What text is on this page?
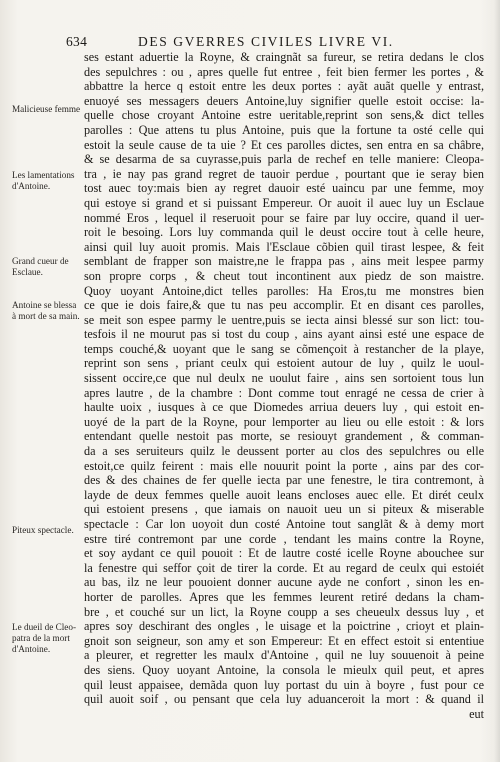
634	DES GVERRES CIVILES LIVRE VI.
Malicieuse femme
Les lamentations
d'Antoine.
Grand cueur de
Esclaue.
Antoine se blessa
à mort de sa main.
Piteux spectacle.
Le dueil de Cleo-
patra de la mort
d'Antoine.
ses estant aduertie la Royne, & craingnãt sa fureur, se retira dedans le clos
des sepulchres : ou , apres quelle fut entree , feit bien fermer les portes , &
abbattre la herce q estoit entre les deux portes : ayãt auãt quelle y entrast,
enuoyé ses messagers deuers Antoine,luy signifier quelle estoit occise: la-
quelle chose croyant Antoine estre ueritable,reprint son sens,& dict telles
parolles : Que attens tu plus Antoine, puis que la fortune ta osté celle qui
estoit la seule cause de ta uie ? Et ces parolles dictes, sen entra en sa châbre,
& se desarma de sa cuyrasse,puis parla de rechef en telle maniere: Cleopa-
tra , ie nay pas grand regret de tauoir perdue , pourtant que ie seray bien
tost auec toy:mais bien ay regret dauoir esté uaincu par une femme, moy
qui estoye si grand et si puissant Empereur. Or auoit il auec luy un Esclaue
nommé Eros , lequel il reseruoit pour se faire par luy occire, quand il uer-
roit le besoing. Lors luy commanda quil le deust occire tout à celle heure,
ainsi quil luy auoit promis. Mais l'Esclaue cõbien quil tirast lespee, & feit
semblant de frapper son maistre,ne le frappa pas , ains meit lespee parmy
son propre corps , & cheut tout incontinent aux piedz de son maistre.
Quoy uoyant Antoine,dict telles parolles: Ha Eros,tu me monstres bien
ce que ie dois faire,& que tu nas peu accomplir. Et en disant ces parolles,
se meit son espee parmy le uentre,puis se iecta ainsi blessé sur son lict: tou-
tesfois il ne mourut pas si tost du coup , ains ayant ainsi esté une espace de
temps couché,& uoyant que le sang se cõmençoit à restancher de la playe,
reprint son sens , priant ceulx qui estoient autour de luy , quilz le uoul-
sissent occire,ce que nul deulx ne uoulut faire , ains sen sortoient tous lun
apres lautre , de la chambre : Dont comme tout enragé ne cessa de crier à
haulte uoix , iusques à ce que Diomedes arriua deuers luy , qui estoit en-
uoyé de la part de la Royne, pour lemporter au lieu ou elle estoit : & lors
entendant quelle nestoit pas morte, se resiouyt grandement , & comman-
da a ses seruiteurs quilz le deussent porter au clos des sepulchres ou elle
estoit,ce quilz feirent : mais elle nouurit point la porte , ains par des cor-
des & des chaines de fer quelle iecta par une fenestre, le tira contremont, à
layde de deux femmes quelle auoit leans encloses auec elle. Et dirét ceulx
qui estoient presens , que iamais on nauoit ueu un si piteux & miserable
spectacle : Car lon uoyoit dun costé Antoine tout sanglãt & à demy mort
estre tiré contremont par une corde , tendant les mains contre la Royne,
et soy aydant ce quil pouoit : Et de lautre costé icelle Royne abouchee sur
la fenestre qui seffor çoit de tirer la corde. Et au regard de ceulx qui estoiét
au bas, ilz ne leur pouoient donner aucune ayde ne confort , sinon les en-
horter de parolles. Apres que les femmes leurent retiré dedans la cham-
bre , et couché sur un lict, la Royne coupp a ses cheueulx dessus luy , et
apres soy deschirant des ongles , le uisage et la poictrine , crioyt et plain-
gnoit son seigneur, son amy et son Empereur: Et en effect estoit si ententiue
a pleurer, et regretter les maulx d'Antoine , quil ne luy souuenoit à peine
des siens. Quoy uoyant Antoine, la consola le mieulx quil peut, et apres
quil leust appaisee, demãda quon luy portast du uin à boyre , fust pour ce
quil auoit soif , ou pensant que cela luy aduanceroit la mort : & quand il
eut
